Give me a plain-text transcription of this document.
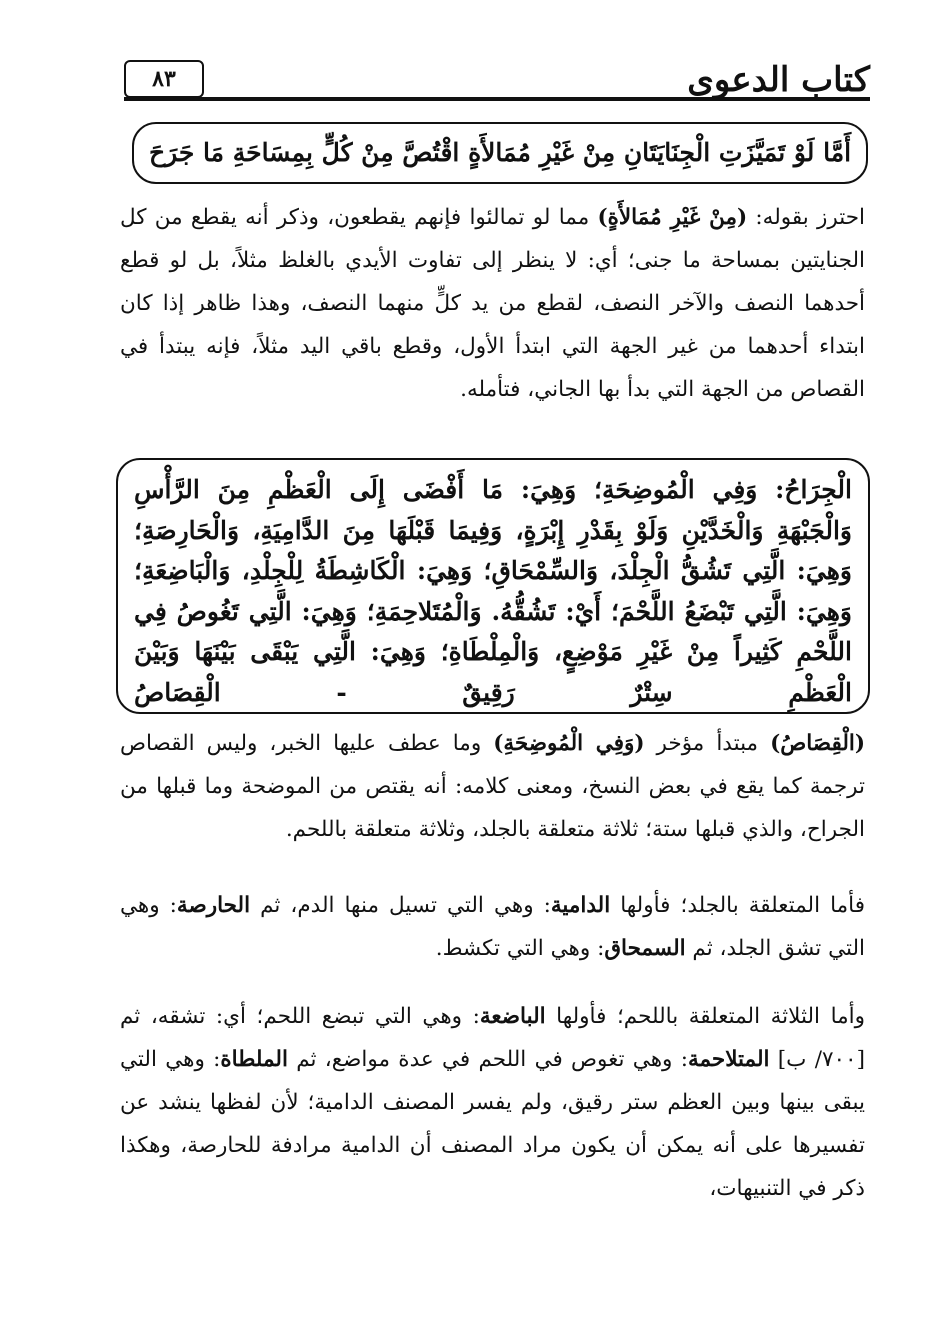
كتاب الدعوى
٨٣

أَمَّا لَوْ تَمَيَّزَتِ الْجِنَايَتَانِ مِنْ غَيْرِ مُمَالأَةٍ اقْتُصَّ مِنْ كُلٍّ بِمِسَاحَةِ مَا جَرَحَ

احترز بقوله: (مِنْ غَيْرِ مُمَالأَةٍ) مما لو تمالئوا فإنهم يقطعون، وذكر أنه يقطع من كل الجنايتين بمساحة ما جنى؛ أي: لا ينظر إلى تفاوت الأيدي بالغلظ مثلاً، بل لو قطع أحدهما النصف والآخر النصف، لقطع من يد كلٍّ منهما النصف، وهذا ظاهر إذا كان ابتداء أحدهما من غير الجهة التي ابتدأ الأول، وقطع باقي اليد مثلاً، فإنه يبتدأ في القصاص من الجهة التي بدأ بها الجاني، فتأمله.

الْجِرَاحُ: وَفِي الْمُوضِحَةِ؛ وَهِيَ: مَا أَفْضَى إِلَى الْعَظْمِ مِنَ الرَّأْسِ وَالْجَبْهَةِ وَالْخَدَّيْنِ وَلَوْ بِقَدْرِ إِبْرَةٍ، وَفِيمَا قَبْلَهَا مِنَ الدَّامِيَةِ، وَالْحَارِصَةِ؛ وَهِيَ: الَّتِي تَشُقُّ الْجِلْدَ، وَالسِّمْحَاقِ؛ وَهِيَ: الْكَاشِطَةُ لِلْجِلْدِ، وَالْبَاضِعَةِ؛ وَهِيَ: الَّتِي تَبْضَعُ اللَّحْمَ؛ أَيْ: تَشُقُّهُ. وَالْمُتَلاحِمَةِ؛ وَهِيَ: الَّتِي تَغُوصُ فِي اللَّحْمِ كَثِيراً مِنْ غَيْرِ مَوْضِعٍ، وَالْمِلْطَاةِ؛ وَهِيَ: الَّتِي يَبْقَى بَيْنَهَا وَبَيْنَ الْعَظْمِ سِتْرٌ رَقِيقٌ - الْقِصَاصُ

(الْقِصَاصُ) مبتدأ مؤخر (وَفِي الْمُوضِحَةِ) وما عطف عليها الخبر، وليس القصاص ترجمة كما يقع في بعض النسخ، ومعنى كلامه: أنه يقتص من الموضحة وما قبلها من الجراح، والذي قبلها ستة؛ ثلاثة متعلقة بالجلد، وثلاثة متعلقة باللحم.

فأما المتعلقة بالجلد؛ فأولها الدامية: وهي التي تسيل منها الدم، ثم الحارصة: وهي التي تشق الجلد، ثم السمحاق: وهي التي تكشط.

وأما الثلاثة المتعلقة باللحم؛ فأولها الباضعة: وهي التي تبضع اللحم؛ أي: تشقه، ثم [٧٠٠/ ب] المتلاحمة: وهي تغوص في اللحم في عدة مواضع، ثم الملطاة: وهي التي يبقى بينها وبين العظم ستر رقيق، ولم يفسر المصنف الدامية؛ لأن لفظها ينشد عن تفسيرها على أنه يمكن أن يكون مراد المصنف أن الدامية مرادفة للحارصة، وهكذا ذكر في التنبيهات،
